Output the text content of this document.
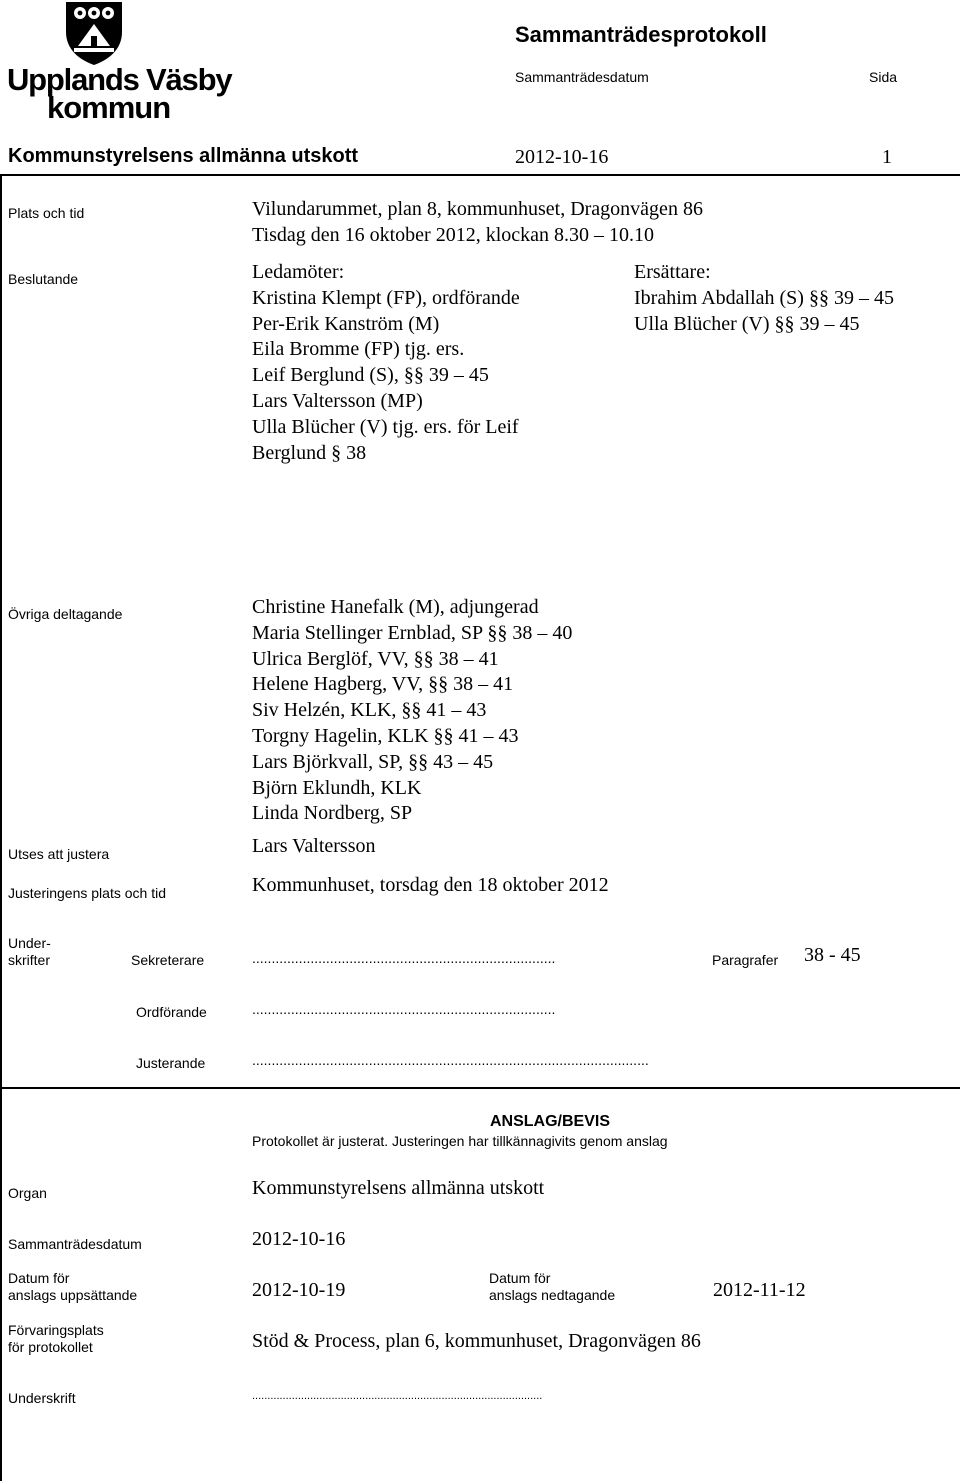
Upplands Väsby
kommun
Sammanträdesprotokoll
Sammanträdesdatum	Sida
Kommunstyrelsens allmänna utskott	2012-10-16	1
Plats och tid	Vilundarummet, plan 8, kommunhuset, Dragonvägen 86
Tisdag den 16 oktober 2012, klockan 8.30 – 10.10
Beslutande	Ledamöter:
Kristina Klempt (FP), ordförande
Per-Erik Kanström (M)
Eila Bromme (FP) tjg. ers.
Leif Berglund (S), §§ 39 – 45
Lars Valtersson (MP)
Ulla Blücher (V) tjg. ers. för Leif
Berglund § 38
Ersättare:
Ibrahim Abdallah (S) §§ 39 – 45
Ulla Blücher (V) §§ 39 – 45
Övriga deltagande	Christine Hanefalk (M), adjungerad
Maria Stellinger Ernblad, SP §§ 38 – 40
Ulrica Berglöf, VV, §§ 38 – 41
Helene Hagberg, VV, §§ 38 – 41
Siv Helzén, KLK, §§ 41 – 43
Torgny Hagelin, KLK §§ 41 – 43
Lars Björkvall, SP, §§ 43 – 45
Björn Eklundh, KLK
Linda Nordberg, SP
Utses att justera	Lars Valtersson
Justeringens plats och tid	Kommunhuset, torsdag den 18 oktober 2012
Under-
skrifter	Sekreterare	..............................................................................	Paragrafer 38 - 45
Ordförande	..............................................................................
Justerande	......................................................................................................
ANSLAG/BEVIS
Protokollet är justerat. Justeringen har tillkännagivits genom anslag
Organ	Kommunstyrelsens allmänna utskott
Sammanträdesdatum	2012-10-16
Datum för
anslags uppsättande	2012-10-19
Datum för
anslags nedtagande	2012-11-12
Förvaringsplats
för protokollet	Stöd & Process, plan 6, kommunhuset, Dragonvägen 86
Underskrift	...............................................................................................
